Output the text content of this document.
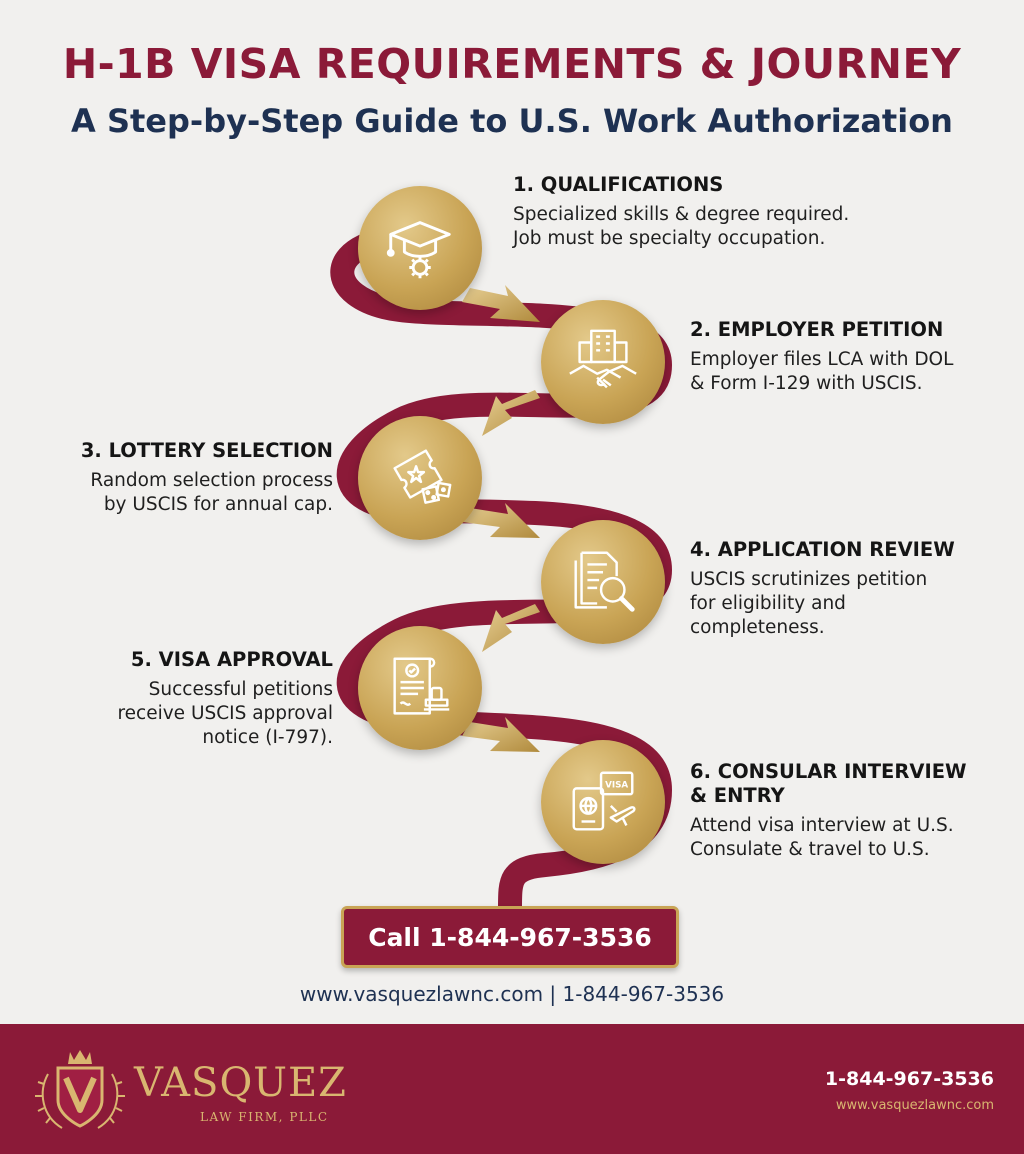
H-1B VISA REQUIREMENTS & JOURNEY
A Step-by-Step Guide to U.S. Work Authorization
VISA
1. QUALIFICATIONS

Specialized skills & degree required.

Job must be specialty occupation.

2. EMPLOYER PETITION

Employer files LCA with DOL

& Form I-129 with USCIS.

3. LOTTERY SELECTION

Random selection process

by USCIS for annual cap.

4. APPLICATION REVIEW

USCIS scrutinizes petition

for eligibility and

completeness.

5. VISA APPROVAL

Successful petitions

receive USCIS approval

notice (I-797).

6. CONSULAR INTERVIEW
& ENTRY

Attend visa interview at U.S.

Consulate & travel to U.S.

Call 1-844-967-3536
www.vasquezlawnc.com | 1-844-967-3536
VASQUEZ
LAW FIRM, PLLC
1-844-967-3536
www.vasquezlawnc.com
